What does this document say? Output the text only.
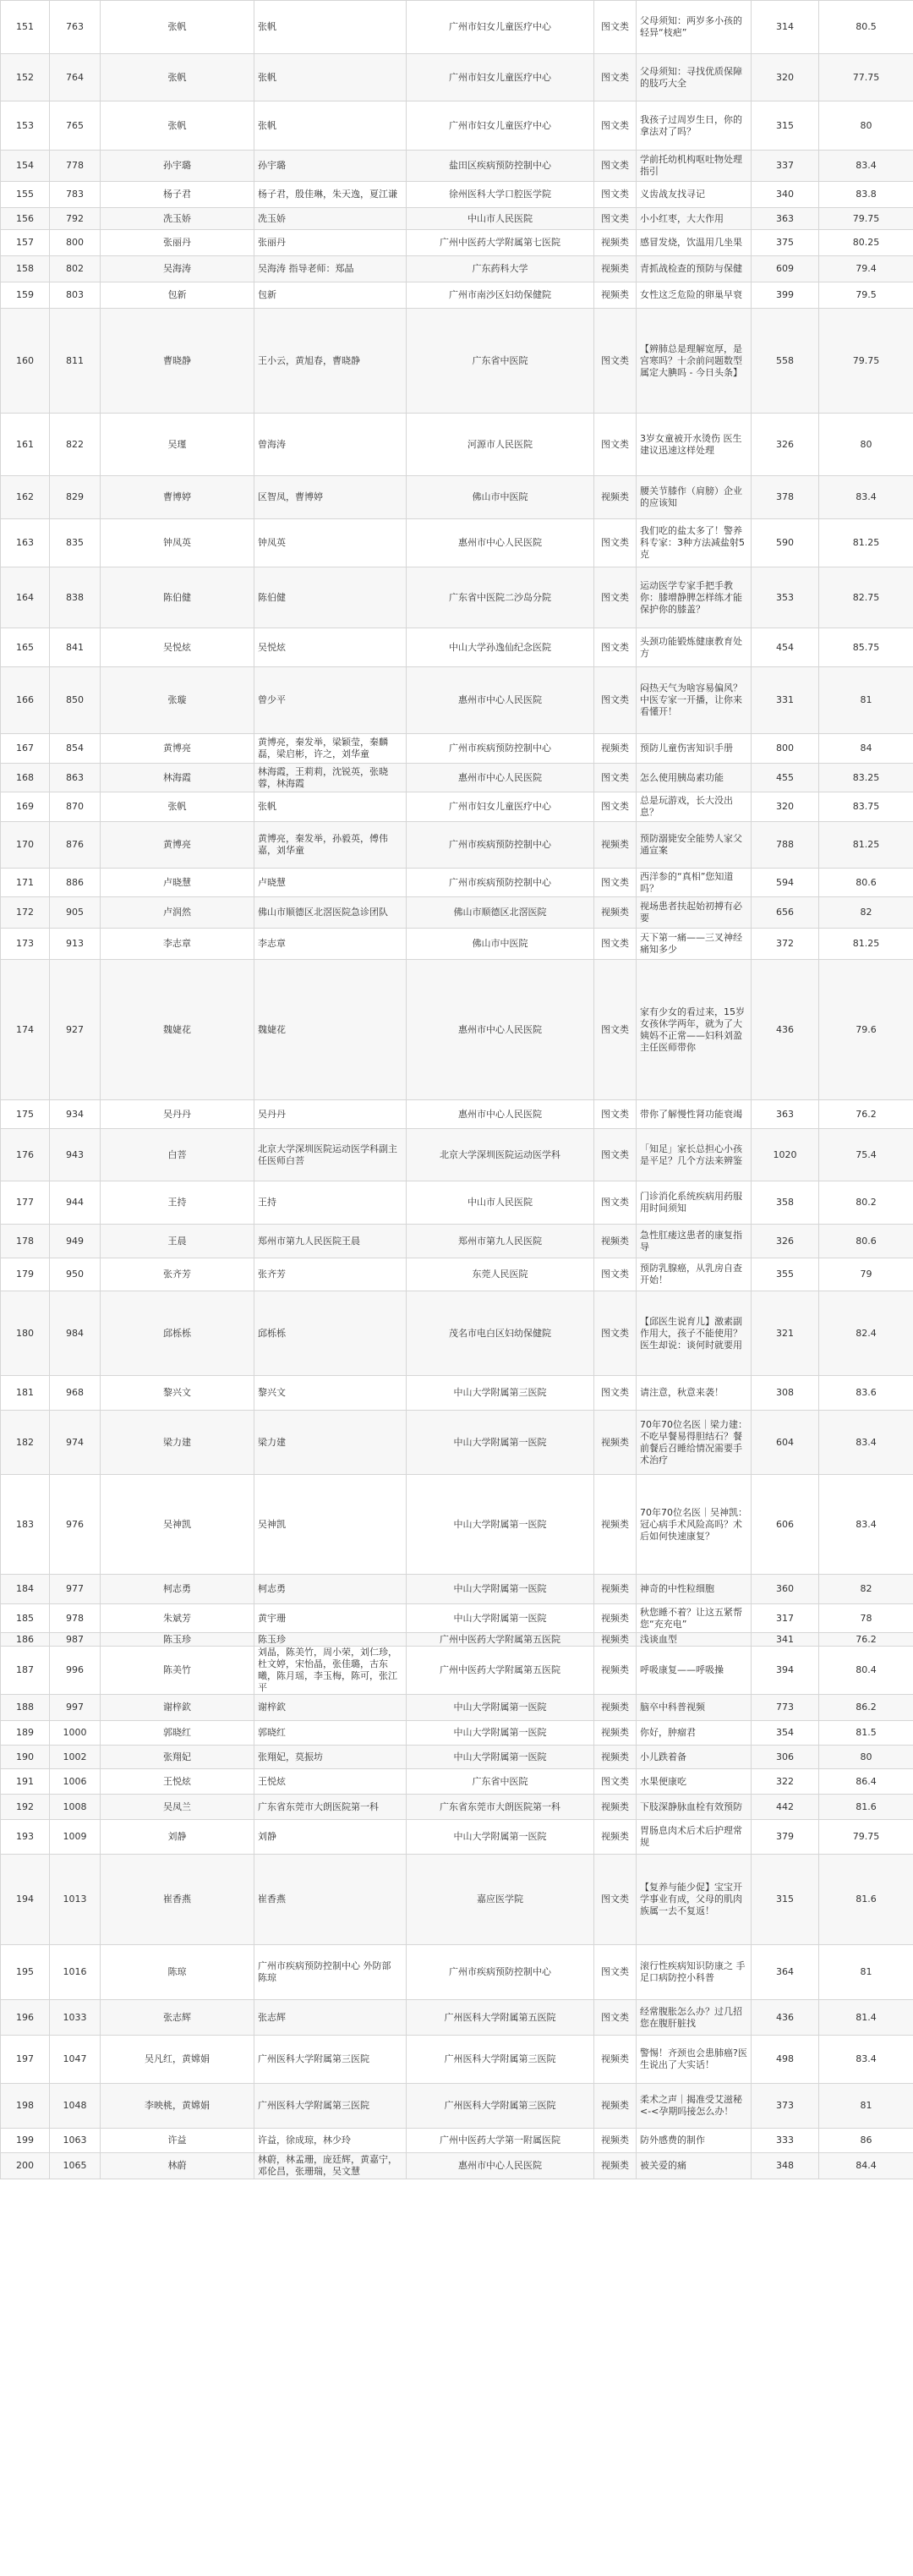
151	763	张帆	张帆	广州市妇女儿童医疗中心	图文类	父母须知：两岁多小孩的轻异“枝疤”	314	80.5
152	764	张帆	张帆	广州市妇女儿童医疗中心	图文类	父母须知：寻找优质保障的肢巧大全	320	77.75
153	765	张帆	张帆	广州市妇女儿童医疗中心	图文类	我孩子过周岁生日，你的拿法对了吗？	315	80
154	778	孙宇璐	孙宇璐	盐田区疾病预防控制中心	图文类	学前托幼机构呕吐物处理指引	337	83.4
155	783	杨子君	杨子君，殷佳琳，朱天逸，夏江谦	徐州医科大学口腔医学院	图文类	义齿战友找寻记	340	83.8
156	792	冼玉娇	冼玉娇	中山市人民医院	图文类	小小红枣，大大作用	363	79.75
157	800	张丽丹	张丽丹	广州中医药大学附属第七医院	视频类	感冒发烧，饮温用几坐果	375	80.25
158	802	吴海涛	吴海涛 指导老师：郑晶	广东药科大学	视频类	青抓战检查的预防与保健	609	79.4
159	803	包新	包新	广州市南沙区妇幼保健院	视频类	女性这乏危险的卵巢早衰	399	79.5
160	811	曹晓静	王小云，黄旭春，曹晓静	广东省中医院	图文类	【辨肺总是理解宽厚，是宫寒吗？十余前问题数型属定大腆吗 - 今日头条】	558	79.75
161	822	吴瑾	曾海涛	河源市人民医院	图文类	3岁女童被开水烫伤 医生建议迅速这样处理	326	80
162	829	曹博婷	区智凤，曹博婷	佛山市中医院	视频类	腰关节膝作（肩膀）企业的应该知	378	83.4
163	835	钟凤英	钟凤英	惠州市中心人民医院	图文类	我们吃的盐太多了！警养科专家：3种方法减盐射5克	590	81.25
164	838	陈伯健	陈伯健	广东省中医院二沙岛分院	图文类	运动医学专家手把手教你：膝增静脾怎样练才能保护你的膝盖？	353	82.75
165	841	吴悦炫	吴悦炫	中山大学孙逸仙纪念医院	图文类	头颈功能锻炼健康教育处方	454	85.75
166	850	张璇	曾少平	惠州市中心人民医院	图文类	闷热天气为啥容易偏风？中医专家一开播，让你来看懂开！	331	81
167	854	黄博亮	黄博亮，秦发举，梁颖莹，秦麟磊，梁启彬，许之，刘华童	广州市疾病预防控制中心	视频类	预防儿童伤害知识手册	800	84
168	863	林海霞	林海霞，王莉莉，沈锐英，张晓蓉，林海霞	惠州市中心人民医院	图文类	怎么使用胰岛素功能	455	83.25
169	870	张帆	张帆	广州市妇女儿童医疗中心	图文类	总是玩游戏，长大没出息？	320	83.75
170	876	黄博亮	黄博亮，秦发举，孙毅英，傅伟嘉，刘华童	广州市疾病预防控制中心	视频类	预防溺毙安全能势人家父通宣案	788	81.25
171	886	卢晓慧	卢晓慧	广州市疾病预防控制中心	图文类	西洋参的“真相”您知道吗？	594	80.6
172	905	卢润然	佛山市顺德区北滘医院急诊团队	佛山市顺德区北滘医院	视频类	视场患者扶起始初搏有必要	656	82
173	913	李志章	李志章	佛山市中医院	图文类	天下第一痛——三叉神经痛知多少	372	81.25
174	927	魏婕花	魏婕花	惠州市中心人民医院	图文类	家有少女的看过来，15岁女孩休学两年，就为了大姨妈不正常——妇科刘盈主任医师带你	436	79.6
175	934	吴丹丹	吴丹丹	惠州市中心人民医院	图文类	带你了解慢性肾功能衰竭	363	76.2
176	943	白菩	北京大学深圳医院运动医学科副主任医师白菩	北京大学深圳医院运动医学科	图文类	「知足」家长总担心小孩是平足？几个方法来辨鉴	1020	75.4
177	944	王持	王持	中山市人民医院	图文类	门诊消化系统疾病用药服用时间须知	358	80.2
178	949	王晨	郑州市第九人民医院王晨	郑州市第九人民医院	视频类	急性肛瘘这患者的康复指导	326	80.6
179	950	张齐芳	张齐芳	东莞人民医院	图文类	预防乳腺癌，从乳房自查开始！	355	79
180	984	邱栎栎	邱栎栎	茂名市电白区妇幼保健院	图文类	【邱医生说育儿】激素副作用大，孩子不能使用？医生却说：谈何时就要用	321	82.4
181	968	黎兴文	黎兴文	中山大学附属第三医院	图文类	请注意，秋意来袭！	308	83.6
182	974	梁力建	梁力建	中山大学附属第一医院	视频类	70年70位名医｜梁力建：不吃早餐易得胆结石？餐前餐后召睡给情况需要手术治疗	604	83.4
183	976	吴神凯	吴神凯	中山大学附属第一医院	视频类	70年70位名医｜吴神凯：冠心病手术风险高吗？术后如何快速康复？	606	83.4
184	977	柯志勇	柯志勇	中山大学附属第一医院	视频类	神奇的中性粒细胞	360	82
185	978	朱斌芳	黄宇珊	中山大学附属第一医院	视频类	秋您睡不着？让这五紧帮您“充充电”	317	78
186	987	陈玉珍	陈玉珍	广州中医药大学附属第五医院	视频类	浅谈血型	341	76.2
187	996	陈美竹	刘晶，陈美竹，周小荣，刘仁珍，杜文婷，宋怡晶，张佳璐，古东曦，陈月瑶，李玉梅，陈可，张江平	广州中医药大学附属第五医院	视频类	呼吸康复——呼吸操	394	80.4
188	997	谢梓欽	谢梓欽	中山大学附属第一医院	视频类	脑卒中科普视频	773	86.2
189	1000	郭晓红	郭晓红	中山大学附属第一医院	视频类	你好，肿瘤君	354	81.5
190	1002	张翔妃	张翔妃，莫振坊	中山大学附属第一医院	视频类	小儿跌着备	306	80
191	1006	王悦炫	王悦炫	广东省中医院	图文类	水果便康吃	322	86.4
192	1008	吴凤兰	广东省东莞市大朗医院第一科	广东省东莞市大朗医院第一科	视频类	下肢深静脉血栓有效预防	442	81.6
193	1009	刘静	刘静	中山大学附属第一医院	视频类	胃肠息肉术后术后护理常规	379	79.75
194	1013	崔香燕	崔香燕	嘉应医学院	图文类	【复养与能少促】宝宝开学事业有成，父母的肌肉族属一去不复返！	315	81.6
195	1016	陈琼	广州市疾病预防控制中心 外防部 陈琼	广州市疾病预防控制中心	图文类	滚行性疾病知识防康之 手足口病防控小科普	364	81
196	1033	张志辉	张志辉	广州医科大学附属第五医院	图文类	经常腹胀怎么办？过几招您在腹肝脏找	436	81.4
197	1047	吴凡红，黄嫦娟	广州医科大学附属第三医院	广州医科大学附属第三医院	视频类	警惕！齐颈也会患肺癌?医生说出了大实话！	498	83.4
198	1048	李映桃，黄嫦娟	广州医科大学附属第三医院	广州医科大学附属第三医院	视频类	柔术之声｜揭准受艾滋秘<-<孕期吗接怎么办！	373	81
199	1063	许益	许益，徐成琼，林少玲	广州中医药大学第一附属医院	视频类	防外感费的制作	333	86
200	1065	林蔚	林蔚，林孟珊，庞廷辉，黄嘉宁，邓伦昌，张珊瑞，吴文慧	惠州市中心人民医院	视频类	被关爱的痛	348	84.4
